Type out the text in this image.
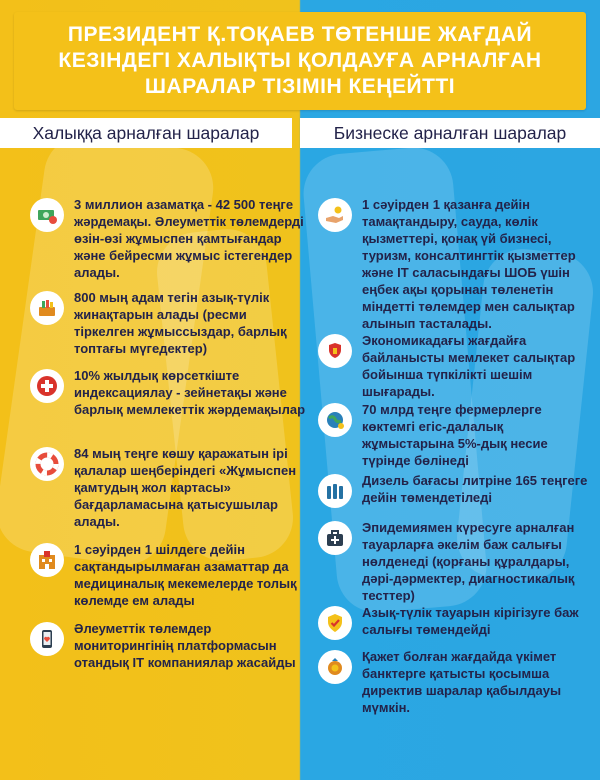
ПРЕЗИДЕНТ Қ.ТОҚАЕВ ТӨТЕНШЕ ЖАҒДАЙ КЕЗІНДЕГІ ХАЛЫҚТЫ ҚОЛДАУҒА АРНАЛҒАН ШАРАЛАР ТІЗІМІН КЕҢЕЙТТІ
Халыққа арналған шаралар	Бизнеске арналған шаралар
3 миллион азаматқа - 42 500 теңге жәрдемақы. Әлеуметтік төлемдерді өзін-өзі жұмыспен қамтығандар және бейресми жұмыс істегендер алады.
800 мың адам тегін азық-түлік жинақтарын алады (ресми тіркелген жұмыссыздар, барлық топтағы мүгедектер)
10% жылдық көрсеткіште индексациялау - зейнетақы және барлық мемлекеттік жәрдемақылар
84 мың теңге көшу қаражатын ірі қалалар шеңберіндегі «Жұмыспен қамтудың жол картасы» бағдарламасына қатысушылар алады.
1 сәуірден 1 шілдеге дейін сақтандырылмаған азаматтар да медициналық мекемелерде толық көлемде ем алады
Әлеуметтік төлемдер мониторингінің платформасын отандық IT компаниялар жасайды
1 сәуірден 1 қазанға дейін тамақтандыру, сауда, көлік қызметтері, қонақ үй бизнесі, туризм, консалтингтік қызметтер және IT саласындағы ШОБ үшін еңбек ақы қорынан төленетін міндетті төлемдер мен салықтар алынып тасталады.
Экономикадағы жағдайға байланысты мемлекет салықтар бойынша түпкілікті шешім шығарады.
70 млрд теңге фермерлерге көктемгі егіс-далалық жұмыстарына 5%-дық несие түрінде бөлінеді
Дизель бағасы литріне 165 теңгеге дейін төмендетіледі
Эпидемиямен күресуге арналған тауарларға әкелім баж салығы нөлденеді (қорғаны құралдары, дәрі-дәрмектер, диагностикалық тесттер)
Азық-түлік тауарын кірігізуге баж салығы төмендейді
Қажет болған жағдайда үкімет банктерге қатысты қосымша директив шаралар қабылдауы мүмкін.
